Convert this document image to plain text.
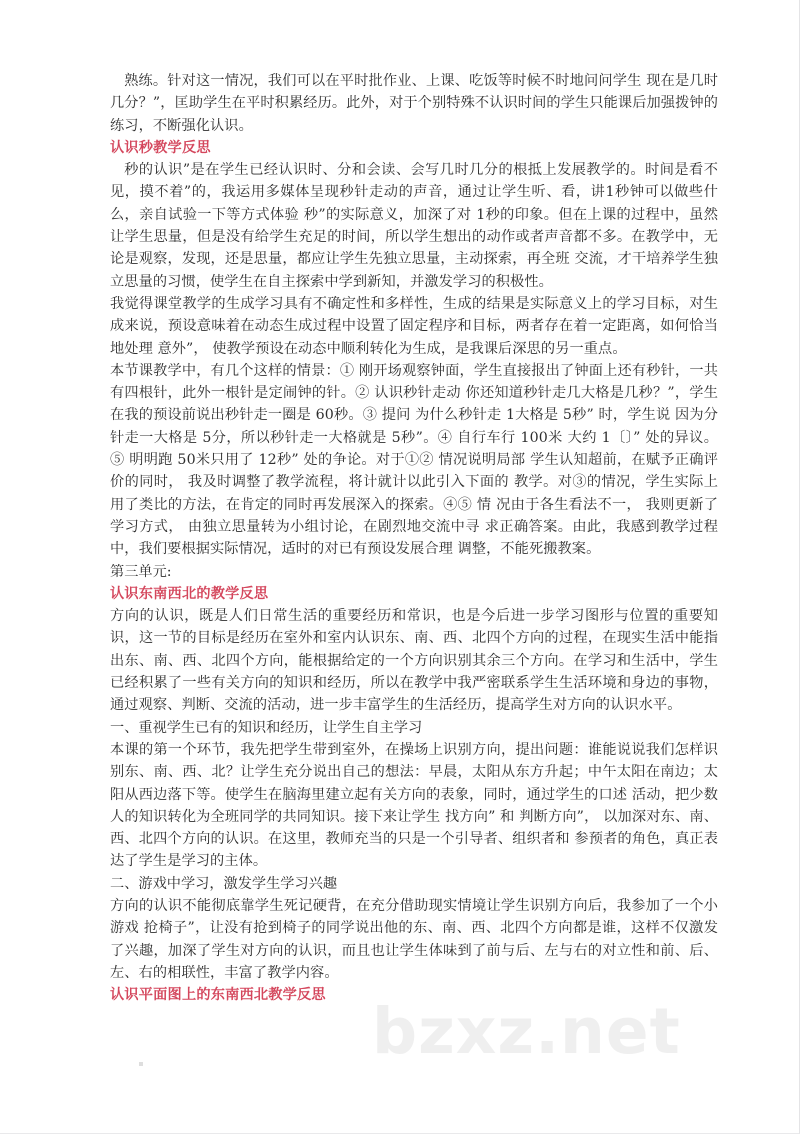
bzxz.net

熟练。针对这一情况，我们可以在平时批作业、上课、吃饭等时候不时地问问学生 现在是几时几分？”，匡助学生在平时积累经历。此外，对于个别特殊不认识时间的学生只能课后加强拨钟的练习，不断强化认识。

认识秒教学反思

秒的认识”是在学生已经认识时、分和会读、会写几时几分的根抵上发展教学的。时间是看不见，摸不着”的，我运用多媒体呈现秒针走动的声音，通过让学生听、看，讲1秒钟可以做些什么，亲自试验一下等方式体验 秒”的实际意义，加深了对 1秒的印象。但在上课的过程中，虽然让学生思量，但是没有给学生充足的时间，所以学生想出的动作或者声音都不多。在教学中，无论是观察，发现，还是思量，都应让学生先独立思量，主动探索，再全班 交流，才干培养学生独立思量的习惯，使学生在自主探索中学到新知，并激发学习的积极性。

我觉得课堂教学的生成学习具有不确定性和多样性，生成的结果是实际意义上的学习目标，对生成来说，预设意味着在动态生成过程中设置了固定程序和目标，两者存在着一定距离，如何恰当地处理 意外”， 使教学预设在动态中顺利转化为生成，是我课后深思的另一重点。

本节课教学中，有几个这样的情景：① 刚开场观察钟面，学生直接报出了钟面上还有秒针，一共有四根针，此外一根针是定闹钟的针。② 认识秒针走动 你还知道秒针走几大格是几秒？”，学生在我的预设前说出秒针走一圈是 60秒。③ 提问 为什么秒针走 1大格是 5秒” 时，学生说 因为分针走一大格是 5分，所以秒针走一大格就是 5秒”。④ 自行车行 100米 大约 1〔〕” 处的异议。⑤ 明明跑 50米只用了 12秒” 处的争论。对于①② 情况说明局部 学生认知超前，在赋予正确评价的同时， 我及时调整了教学流程，将计就计以此引入下面的 教学。对③的情况，学生实际上用了类比的方法，在肯定的同时再发展深入的探索。④⑤ 情 况由于各生看法不一， 我则更新了学习方式， 由独立思量转为小组讨论，在剧烈地交流中寻 求正确答案。由此，我感到教学过程中，我们要根据实际情况，适时的对已有预设发展合理 调整，不能死搬教案。

第三单元:

认识东南西北的教学反思

方向的认识，既是人们日常生活的重要经历和常识，也是今后进一步学习图形与位置的重要知识，这一节的目标是经历在室外和室内认识东、南、西、北四个方向的过程，在现实生活中能指出东、南、西、北四个方向，能根据给定的一个方向识别其余三个方向。在学习和生活中，学生已经积累了一些有关方向的知识和经历，所以在教学中我严密联系学生生活环境和身边的事物，通过观察、判断、交流的活动，进一步丰富学生的生活经历，提高学生对方向的认识水平。

一、重视学生已有的知识和经历，让学生自主学习

本课的第一个环节，我先把学生带到室外，在操场上识别方向，提出问题：谁能说说我们怎样识别东、南、西、北？让学生充分说出自己的想法：早晨，太阳从东方升起；中午太阳在南边；太阳从西边落下等。使学生在脑海里建立起有关方向的表象，同时，通过学生的口述 活动，把少数人的知识转化为全班同学的共同知识。接下来让学生 找方向” 和 判断方向”， 以加深对东、南、西、北四个方向的认识。在这里，教师充当的只是一个引导者、组织者和 参预者的角色，真正表达了学生是学习的主体。

二、游戏中学习，激发学生学习兴趣

方向的认识不能彻底靠学生死记硬背，在充分借助现实情境让学生识别方向后，我参加了一个小游戏 抢椅子”，让没有抢到椅子的同学说出他的东、南、西、北四个方向都是谁，这样不仅激发了兴趣，加深了学生对方向的认识，而且也让学生体味到了前与后、左与右的对立性和前、后、左、右的相联性，丰富了教学内容。

认识平面图上的东南西北教学反思
